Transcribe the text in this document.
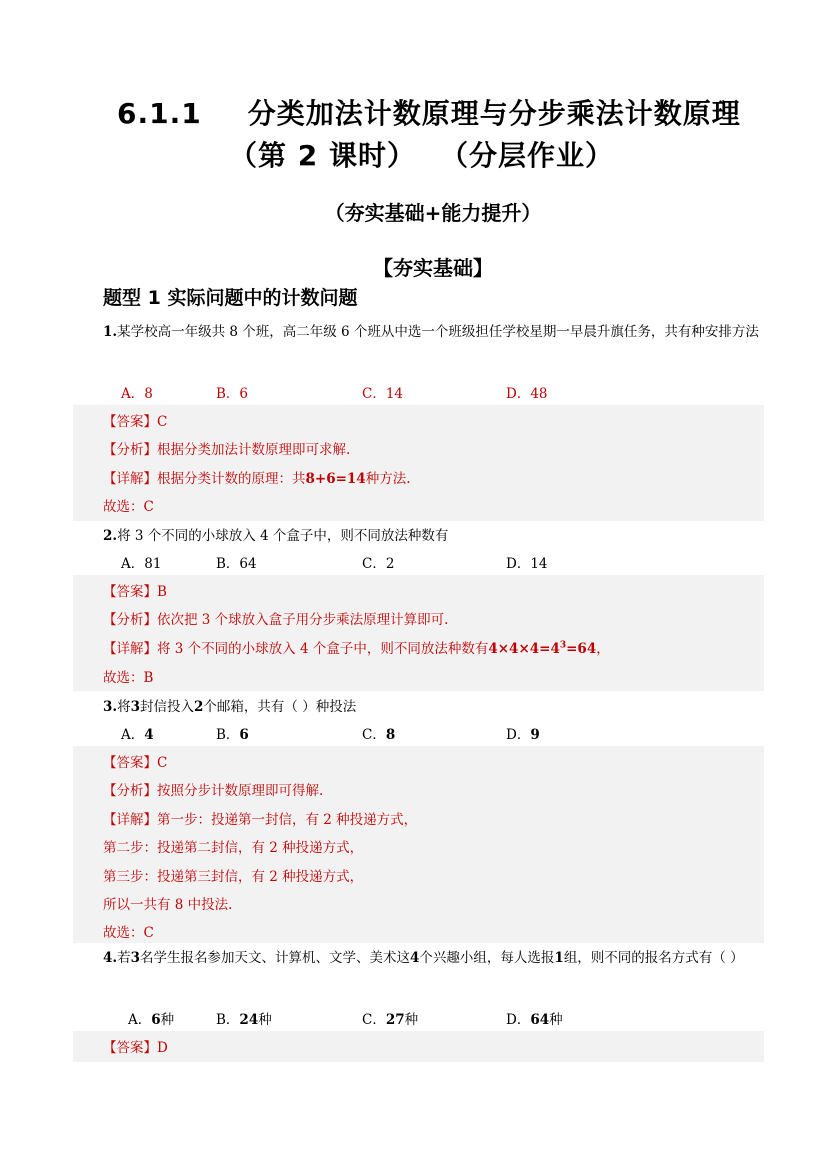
6.1.1 分类加法计数原理与分步乘法计数原理
（第 2 课时） （分层作业）
（夯实基础+能力提升）
【夯实基础】
题型 1 实际问题中的计数问题
1.某学校高一年级共 8 个班，高二年级 6 个班从中选一个班级担任学校星期一早晨升旗任务，共有种安排方法
A．8	B．6	C．14	D．48
【答案】C
【分析】根据分类加法计数原理即可求解.
【详解】根据分类计数的原理：共8+6=14种方法.
故选：C
2.将 3 个不同的小球放入 4 个盒子中，则不同放法种数有
A．81	B．64	C．2	D．14
【答案】B
【分析】依次把 3 个球放入盒子用分步乘法原理计算即可.
【详解】将 3 个不同的小球放入 4 个盒子中，则不同放法种数有$4\times 4\times 4=4^3=64$，
故选：B
3.将3封信投入2个邮箱，共有（ ）种投法
A．4	B．6	C．8	D．9
【答案】C
【分析】按照分步计数原理即可得解.
【详解】第一步：投递第一封信，有 2 种投递方式，
第二步：投递第二封信，有 2 种投递方式，
第三步：投递第三封信，有 2 种投递方式，
所以一共有 8 中投法.
故选：C
4.若3名学生报名参加天文、计算机、文学、美术这4个兴趣小组，每人选报1组，则不同的报名方式有（ ）
A．6种	B．24种	C．27种	D．64种
【答案】D
